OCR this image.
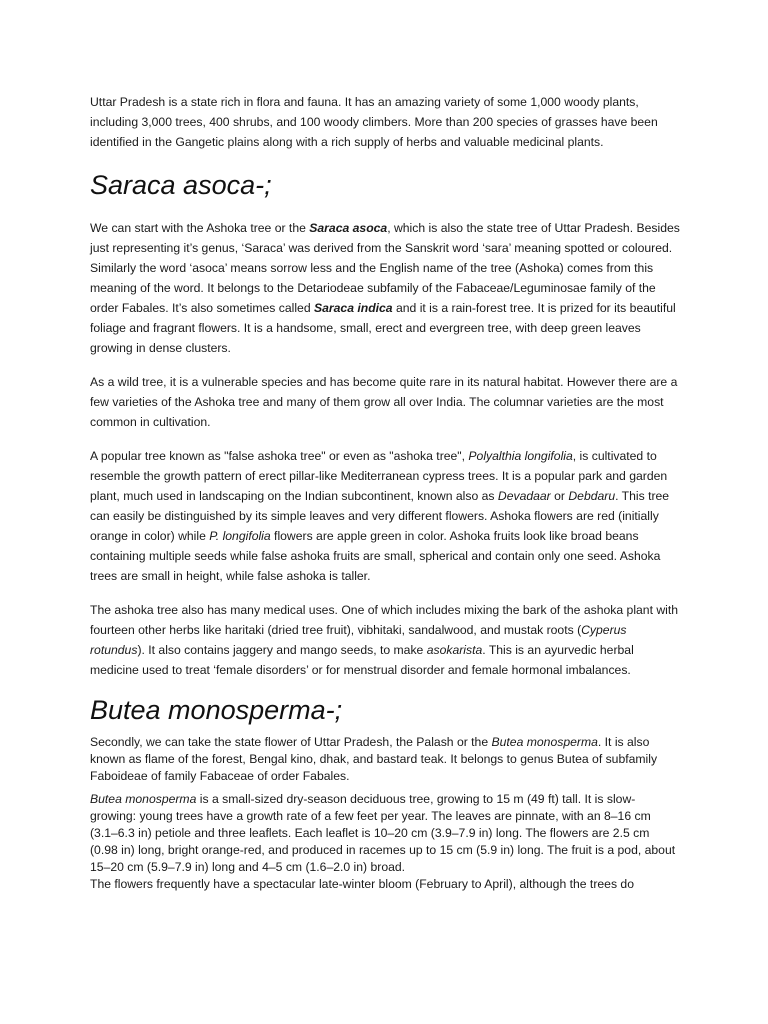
Uttar Pradesh is a state rich in flora and fauna. It has an amazing variety of some 1,000 woody plants, including 3,000 trees, 400 shrubs, and 100 woody climbers. More than 200 species of grasses have been identified in the Gangetic plains along with a rich supply of herbs and valuable medicinal plants.

Saraca asoca-;

We can start with the Ashoka tree or the Saraca asoca, which is also the state tree of Uttar Pradesh. Besides just representing it’s genus, ‘Saraca’ was derived from the Sanskrit word ‘sara’ meaning spotted or coloured. Similarly the word ‘asoca’ means sorrow less and the English name of the tree (Ashoka) comes from this meaning of the word. It belongs to the Detariodeae subfamily of the Fabaceae/Leguminosae family of the order Fabales. It’s also sometimes called Saraca indica and it is a rain-forest tree. It is prized for its beautiful foliage and fragrant flowers. It is a handsome, small, erect and evergreen tree, with deep green leaves growing in dense clusters.

As a wild tree, it is a vulnerable species and has become quite rare in its natural habitat. However there are a few varieties of the Ashoka tree and many of them grow all over India. The columnar varieties are the most common in cultivation.

A popular tree known as "false ashoka tree" or even as "ashoka tree", Polyalthia longifolia, is cultivated to resemble the growth pattern of erect pillar-like Mediterranean cypress trees. It is a popular park and garden plant, much used in landscaping on the Indian subcontinent, known also as Devadaar or Debdaru. This tree can easily be distinguished by its simple leaves and very different flowers. Ashoka flowers are red (initially orange in color) while P. longifolia flowers are apple green in color. Ashoka fruits look like broad beans containing multiple seeds while false ashoka fruits are small, spherical and contain only one seed. Ashoka trees are small in height, while false ashoka is taller.

The ashoka tree also has many medical uses. One of which includes mixing the bark of the ashoka plant with fourteen other herbs like haritaki (dried tree fruit), vibhitaki, sandalwood, and mustak roots (Cyperus rotundus). It also contains jaggery and mango seeds, to make asokarista. This is an ayurvedic herbal medicine used to treat ‘female disorders’ or for menstrual disorder and female hormonal imbalances.

Butea monosperma-;

Secondly, we can take the state flower of Uttar Pradesh, the Palash or the Butea monosperma. It is also known as flame of the forest, Bengal kino, dhak, and bastard teak. It belongs to genus Butea of subfamily Faboideae of family Fabaceae of order Fabales.

Butea monosperma is a small-sized dry-season deciduous tree, growing to 15 m (49 ft) tall. It is slow-growing: young trees have a growth rate of a few feet per year. The leaves are pinnate, with an 8–16 cm (3.1–6.3 in) petiole and three leaflets. Each leaflet is 10–20 cm (3.9–7.9 in) long. The flowers are 2.5 cm (0.98 in) long, bright orange-red, and produced in racemes up to 15 cm (5.9 in) long. The fruit is a pod, about 15–20 cm (5.9–7.9 in) long and 4–5 cm (1.6–2.0 in) broad.

The flowers frequently have a spectacular late-winter bloom (February to April), although the trees do
